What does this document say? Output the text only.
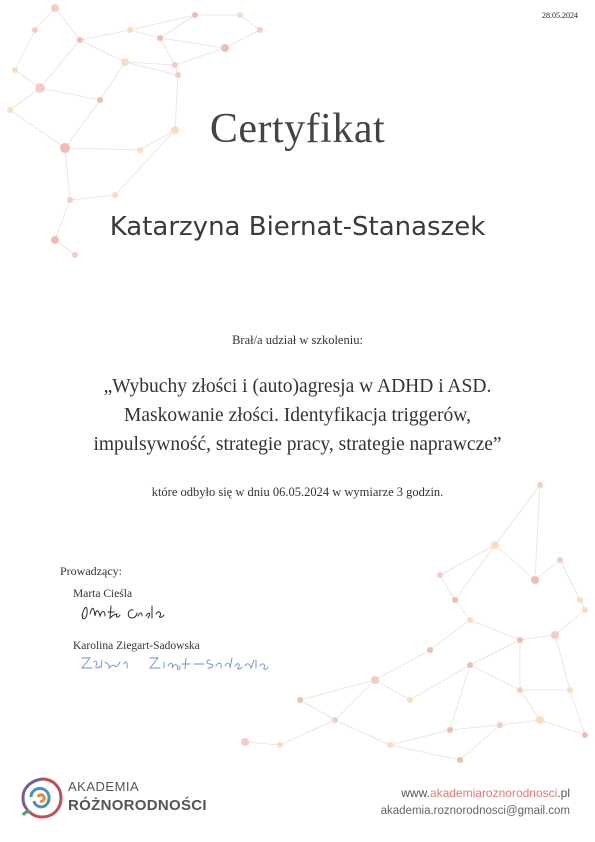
28.05.2024
Certyfikat
Katarzyna Biernat-Stanaszek
Brał/a udział w szkoleniu:
„Wybuchy złości i (auto)agresja w ADHD i ASD.
Maskowanie złości. Identyfikacja triggerów,
impulsywność, strategie pracy, strategie naprawcze”
które odbyło się w dniu 06.05.2024 w wymiarze 3 godzin.
Prowadzący:
Marta Cieśla
Karolina Ziegart-Sadowska
AKADEMIA
RÓŻNORODNOŚCI
www.akademiaroznorodnosci.pl
akademia.roznorodnosci@gmail.com
